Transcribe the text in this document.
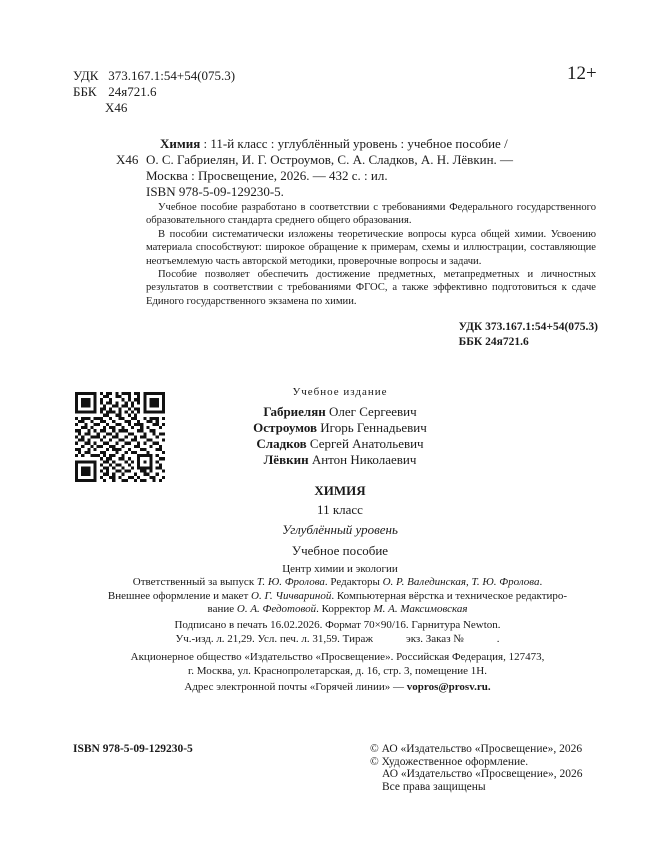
УДК 373.167.1:54+54(075.3)
ББК 24я721.6
Х46
12+
Химия : 11-й класс : углублённый уровень : учебное пособие /
Х46 О. С. Габриелян, И. Г. Остроумов, С. А. Сладков, А. Н. Лёвкин. —
Москва : Просвещение, 2026. — 432 с. : ил.
ISBN 978-5-09-129230-5.

Учебное пособие разработано в соответствии с требованиями Федерального государственного образовательного стандарта среднего общего образования.

В пособии систематически изложены теоретические вопросы курса общей химии. Усвоению материала способствуют: широкое обращение к примерам, схемы и иллюстрации, составляющие неотъемлемую часть авторской методики, проверочные вопросы и задачи.

Пособие позволяет обеспечить достижение предметных, метапредметных и личностных результатов в соответствии с требованиями ФГОС, а также эффективно подготовиться к сдаче Единого государственного экзамена по химии.

УДК 373.167.1:54+54(075.3)
ББК 24я721.6
Учебное издание
Габриелян Олег Сергеевич
Остроумов Игорь Геннадьевич
Сладков Сергей Анатольевич
Лёвкин Антон Николаевич
ХИМИЯ
11 класс
Углублённый уровень
Учебное пособие
Центр химии и экологии
Ответственный за выпуск Т. Ю. Фролова. Редакторы О. Р. Валединская, Т. Ю. Фролова.
Внешнее оформление и макет О. Г. Чичвариной. Компьютерная вёрстка и техническое редактиро-
вание О. А. Федотовой. Корректор М. А. Максимовская
Подписано в печать 16.02.2026. Формат 70×90/16. Гарнитура Newton.
Уч.-изд. л. 21,29. Усл. печ. л. 31,59. Тираж            экз. Заказ №            .
Акционерное общество «Издательство «Просвещение». Российская Федерация, 127473,
г. Москва, ул. Краснопролетарская, д. 16, стр. 3, помещение 1Н.
Адрес электронной почты «Горячей линии» — vopros@prosv.ru.
ISBN 978-5-09-129230-5	© АО «Издательство «Просвещение», 2026
© Художественное оформление.
АО «Издательство «Просвещение», 2026
Все права защищены
